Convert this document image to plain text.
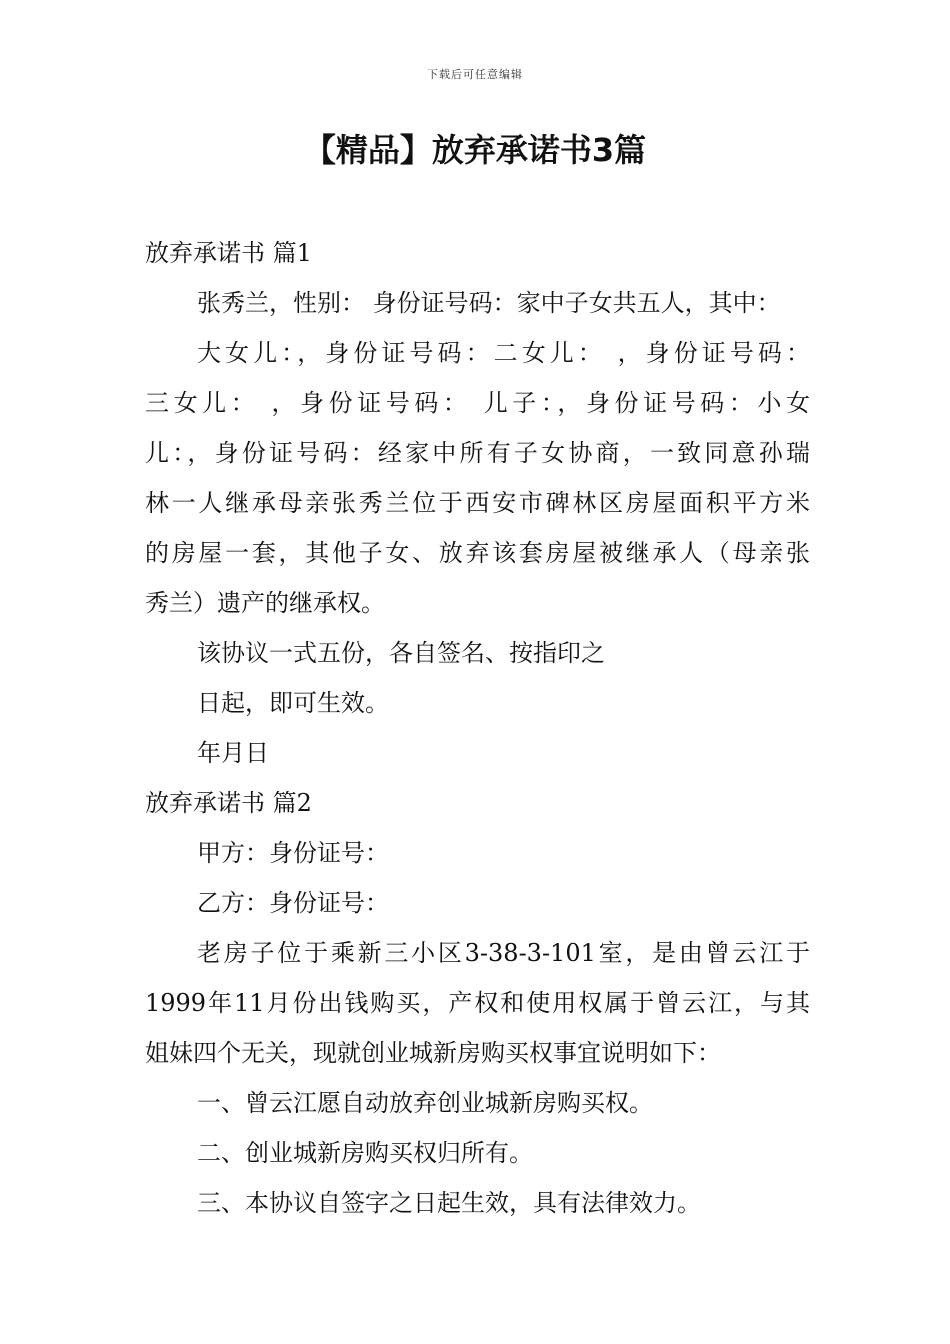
下载后可任意编辑
【精品】放弃承诺书3篇
放弃承诺书 篇1
张秀兰，性别： 身份证号码：家中子女共五人，其中：
大女儿：，身份证号码：二女儿： ，身份证号码：
三女儿： ，身份证号码： 儿子：，身份证号码：小女
儿：，身份证号码：经家中所有子女协商，一致同意孙瑞
林一人继承母亲张秀兰位于西安市碑林区房屋面积平方米
的房屋一套，其他子女、放弃该套房屋被继承人（母亲张
秀兰）遗产的继承权。
该协议一式五份，各自签名、按指印之
日起，即可生效。
年月日
放弃承诺书 篇2
甲方：身份证号：
乙方：身份证号：
老房子位于乘新三小区3-38-3-101室，是由曾云江于
1999年11月份出钱购买，产权和使用权属于曾云江，与其
姐妹四个无关，现就创业城新房购买权事宜说明如下：
一、曾云江愿自动放弃创业城新房购买权。
二、创业城新房购买权归所有。
三、本协议自签字之日起生效，具有法律效力。
